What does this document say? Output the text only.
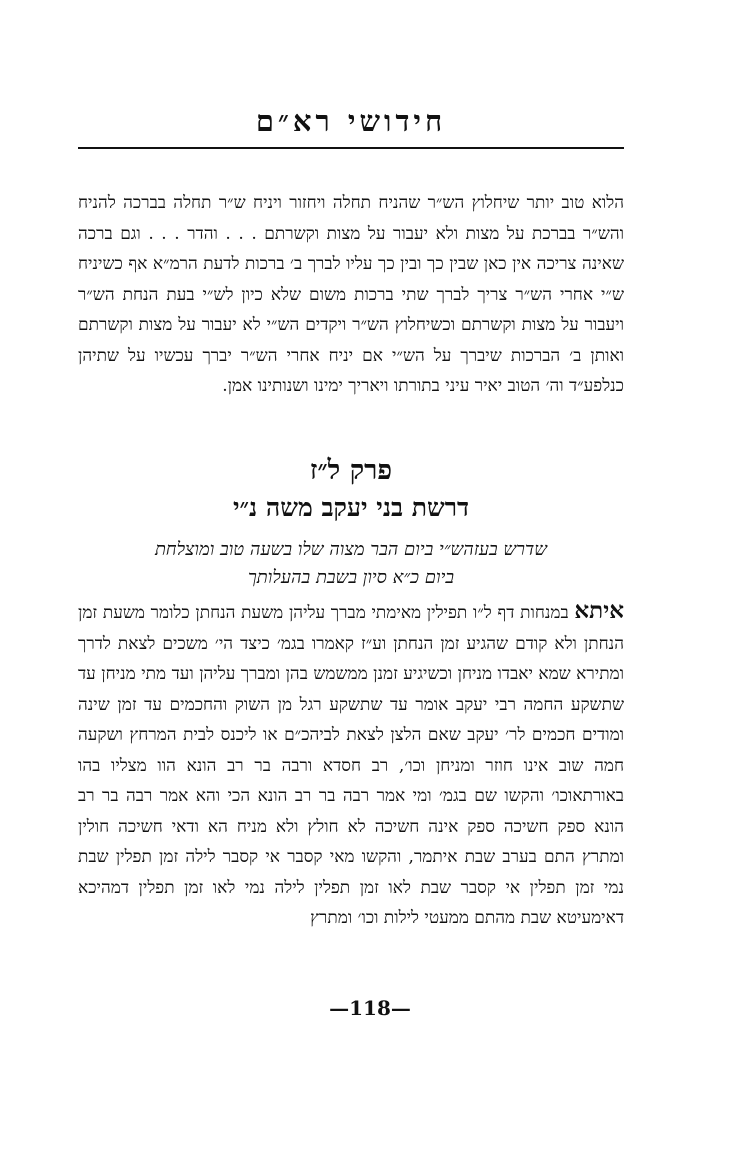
חידושי רא״ם

הלוא טוב יותר שיחלוץ הש״ר שהניח תחלה ויחזור ויניח ש״ר תחלה בברכה להניח והש״ר בברכת על מצות ולא יעבור על מצות וקשרתם . . . והדר . . . וגם ברכה שאינה צריכה אין כאן שבין כך ובין כך עליו לברך ב׳ ברכות לדעת הרמ״א אף כשיניח ש״י אחרי הש״ר צריך לברך שתי ברכות משום שלא כיון לש״י בעת הנחת הש״ר ויעבור על מצות וקשרתם וכשיחלוץ הש״ר ויקדים הש״י לא יעבור על מצות וקשרתם ואותן ב׳ הברכות שיברך על הש״י אם יניח אחרי הש״ר יברך עכשיו על שתיהן כנלפע״ד וה׳ הטוב יאיר עיני בתורתו ויאריך ימינו ושנותינו אמן.

פרק ל״ז
דרשת בני יעקב משה נ״י

שדרש בעזהש״י ביום הבר מצוה שלו בשעה טוב ומוצלחת
ביום כ״א סיון בשבת בהעלותך

איתא במנחות דף ל״ו תפילין מאימתי מברך עליהן משעת הנחתן כלומר משעת זמן הנחתן ולא קודם שהגיע זמן הנחתן וע״ז קאמרו בגמ׳ כיצד הי׳ משכים לצאת לדרך ומתירא שמא יאבדו מניחן וכשיגיע זמנן ממשמש בהן ומברך עליהן ועד מתי מניחן עד שתשקע החמה רבי יעקב אומר עד שתשקע רגל מן השוק והחכמים עד זמן שינה ומודים חכמים לר׳ יעקב שאם הלצן לצאת לביהכ״ם או ליכנס לבית המרחץ ושקעה חמה שוב אינו חוזר ומניחן וכו׳, רב חסדא ורבה בר רב הונא הוו מצליו בהו באורתאוכו׳ והקשו שם בגמ׳ ומי אמר רבה בר רב הונא הכי והא אמר רבה בר רב הונא ספק חשיכה ספק אינה חשיכה לא חולץ ולא מניח הא ודאי חשיכה חולין ומתרץ התם בערב שבת איתמר, והקשו מאי קסבר אי קסבר לילה זמן תפלין שבת נמי זמן תפלין אי קסבר שבת לאו זמן תפלין לילה נמי לאו זמן תפלין דמהיכא דאימעיטא שבת מהתם ממעטי לילות וכו׳ ומתרץ

—118—
